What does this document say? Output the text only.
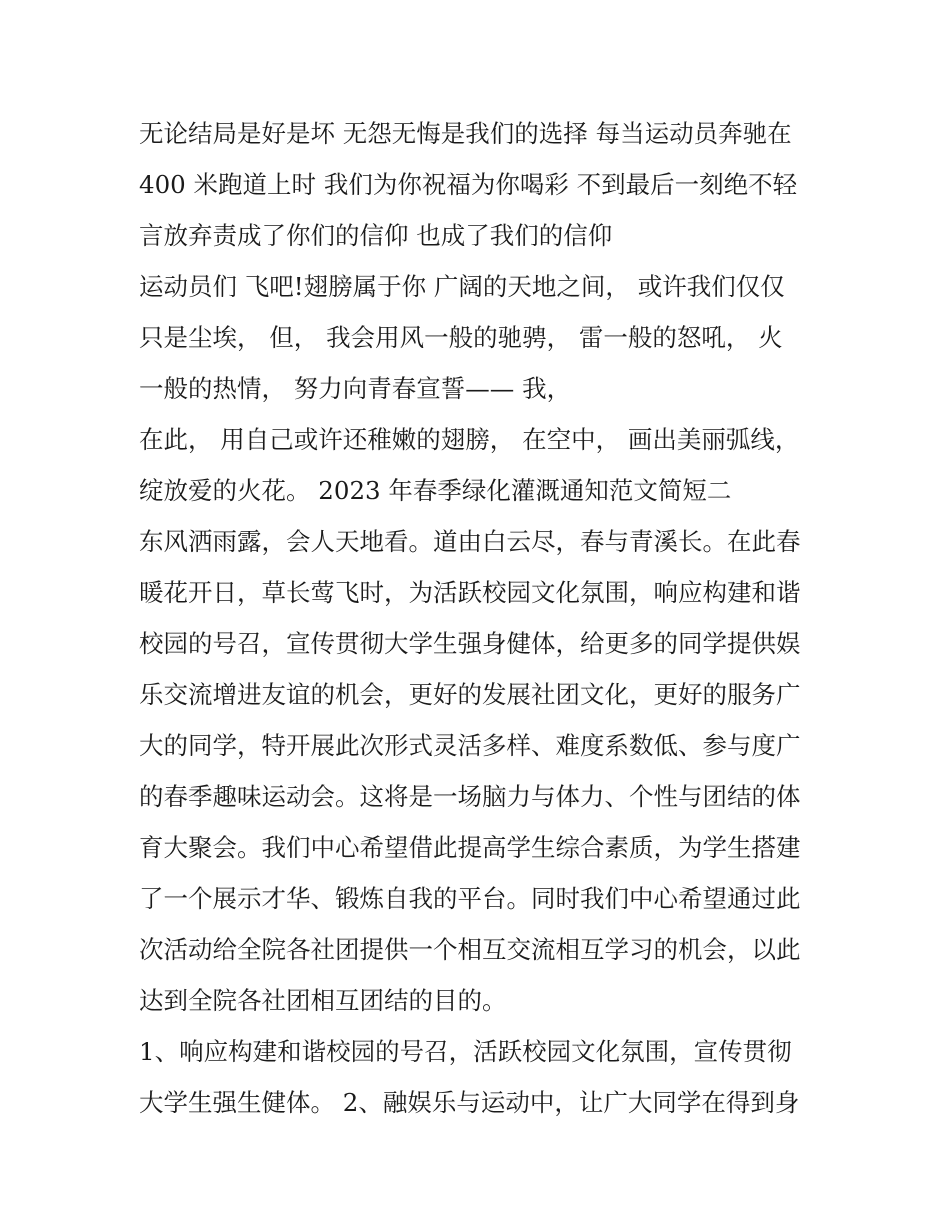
无论结局是好是坏 无怨无悔是我们的选择 每当运动员奔驰在
400 米跑道上时 我们为你祝福为你喝彩 不到最后一刻绝不轻
言放弃责成了你们的信仰 也成了我们的信仰
运动员们 飞吧!翅膀属于你 广阔的天地之间， 或许我们仅仅
只是尘埃， 但， 我会用风一般的驰骋， 雷一般的怒吼， 火
一般的热情， 努力向青春宣誓—— 我，
在此， 用自己或许还稚嫩的翅膀， 在空中， 画出美丽弧线，
绽放爱的火花。 2023 年春季绿化灌溉通知范文简短二
东风洒雨露，会人天地看。道由白云尽，春与青溪长。在此春
暖花开日，草长莺飞时，为活跃校园文化氛围，响应构建和谐
校园的号召，宣传贯彻大学生强身健体，给更多的同学提供娱
乐交流增进友谊的机会，更好的发展社团文化，更好的服务广
大的同学，特开展此次形式灵活多样、难度系数低、参与度广
的春季趣味运动会。这将是一场脑力与体力、个性与团结的体
育大聚会。我们中心希望借此提高学生综合素质，为学生搭建
了一个展示才华、锻炼自我的平台。同时我们中心希望通过此
次活动给全院各社团提供一个相互交流相互学习的机会，以此
达到全院各社团相互团结的目的。
1、响应构建和谐校园的号召，活跃校园文化氛围，宣传贯彻
大学生强生健体。 2、融娱乐与运动中，让广大同学在得到身
